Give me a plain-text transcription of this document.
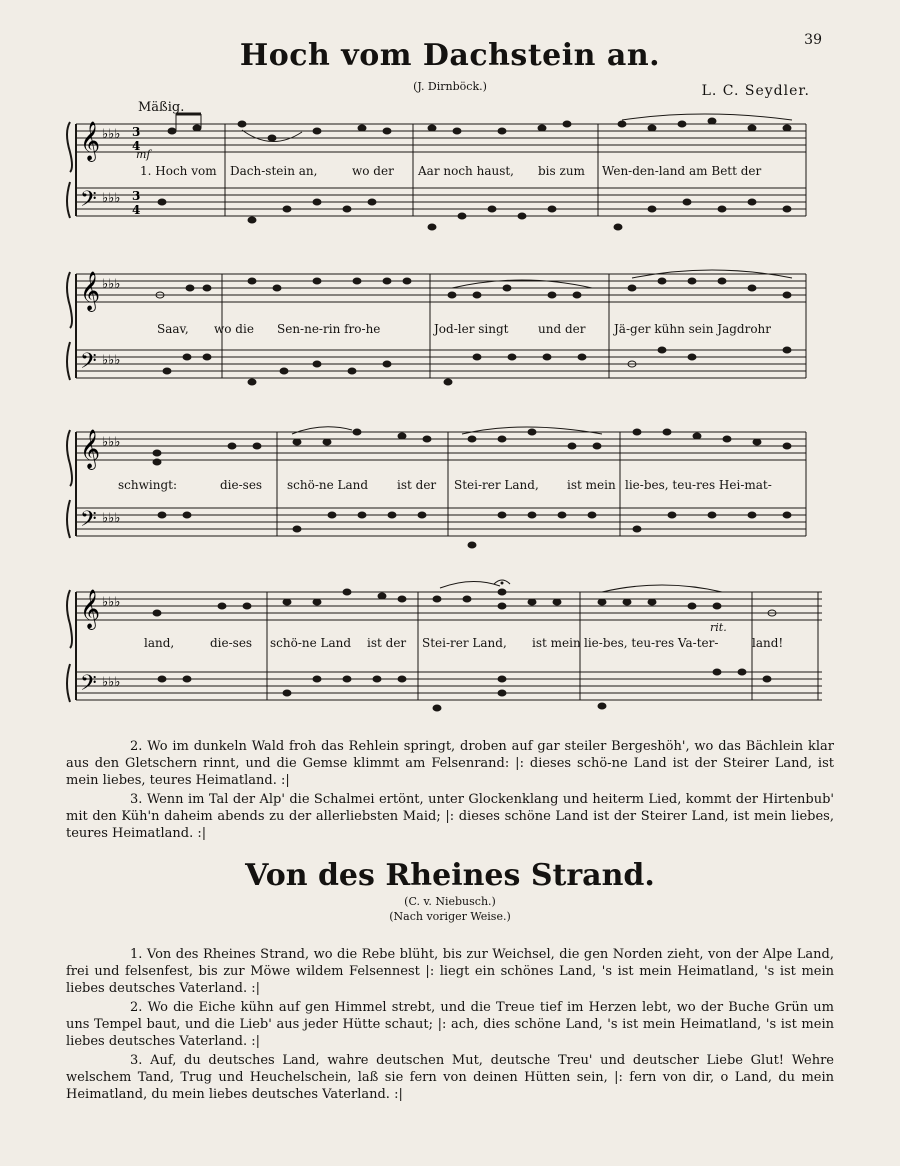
39
Hoch vom Dachstein an.
(J. Dirnböck.)	L. C. Seydler.
Mäßig.
mf
rit.
𝄞
𝄢
♭♭♭
♭♭♭
3
4
3
4
1. Hoch vom Dach-stein an,	wo der Aar noch haust, bis zum Wen-den-land am Bett der
𝄞
𝄢
♭♭♭
♭♭♭
Saav, wo die Sen-ne-rin fro-he	Jod-ler singt und der Jä-ger kühn sein Jagdrohr
𝄞
𝄢
♭♭♭
♭♭♭
schwingt:	die-ses schö-ne Land ist der Stei-rer Land, ist mein lie-bes, teu-res Hei-mat-
𝄞
𝄢
♭♭♭
♭♭♭
land,	die-ses schö-ne Land ist der Stei-rer Land, ist mein lie-bes, teu-res Va-ter-	land!

2. Wo im dunkeln Wald froh das Rehlein springt, droben auf gar steiler Bergeshöh', wo das Bächlein klar aus den Gletschern rinnt, und die Gemse klimmt am Felsenrand: |: dieses schö-ne Land ist der Steirer Land, ist mein liebes, teures Heimatland. :|

3. Wenn im Tal der Alp' die Schalmei ertönt, unter Glockenklang und heiterm Lied, kommt der Hirtenbub' mit den Küh'n daheim abends zu der allerliebsten Maid; |: dieses schöne Land ist der Steirer Land, ist mein liebes, teures Heimatland. :|

Von des Rheines Strand.
(C. v. Niebusch.)
(Nach voriger Weise.)

1. Von des Rheines Strand, wo die Rebe blüht, bis zur Weichsel, die gen Norden zieht, von der Alpe Land, frei und felsenfest, bis zur Möwe wildem Felsennest |: liegt ein schönes Land, 's ist mein Heimatland, 's ist mein liebes deutsches Vaterland. :|

2. Wo die Eiche kühn auf gen Himmel strebt, und die Treue tief im Herzen lebt, wo der Buche Grün um uns Tempel baut, und die Lieb' aus jeder Hütte schaut; |: ach, dies schöne Land, 's ist mein Heimatland, 's ist mein liebes deutsches Vaterland. :|

3. Auf, du deutsches Land, wahre deutschen Mut, deutsche Treu' und deutscher Liebe Glut! Wehre welschem Tand, Trug und Heuchelschein, laß sie fern von deinen Hütten sein, |: fern von dir, o Land, du mein Heimatland, du mein liebes deutsches Vaterland. :|
